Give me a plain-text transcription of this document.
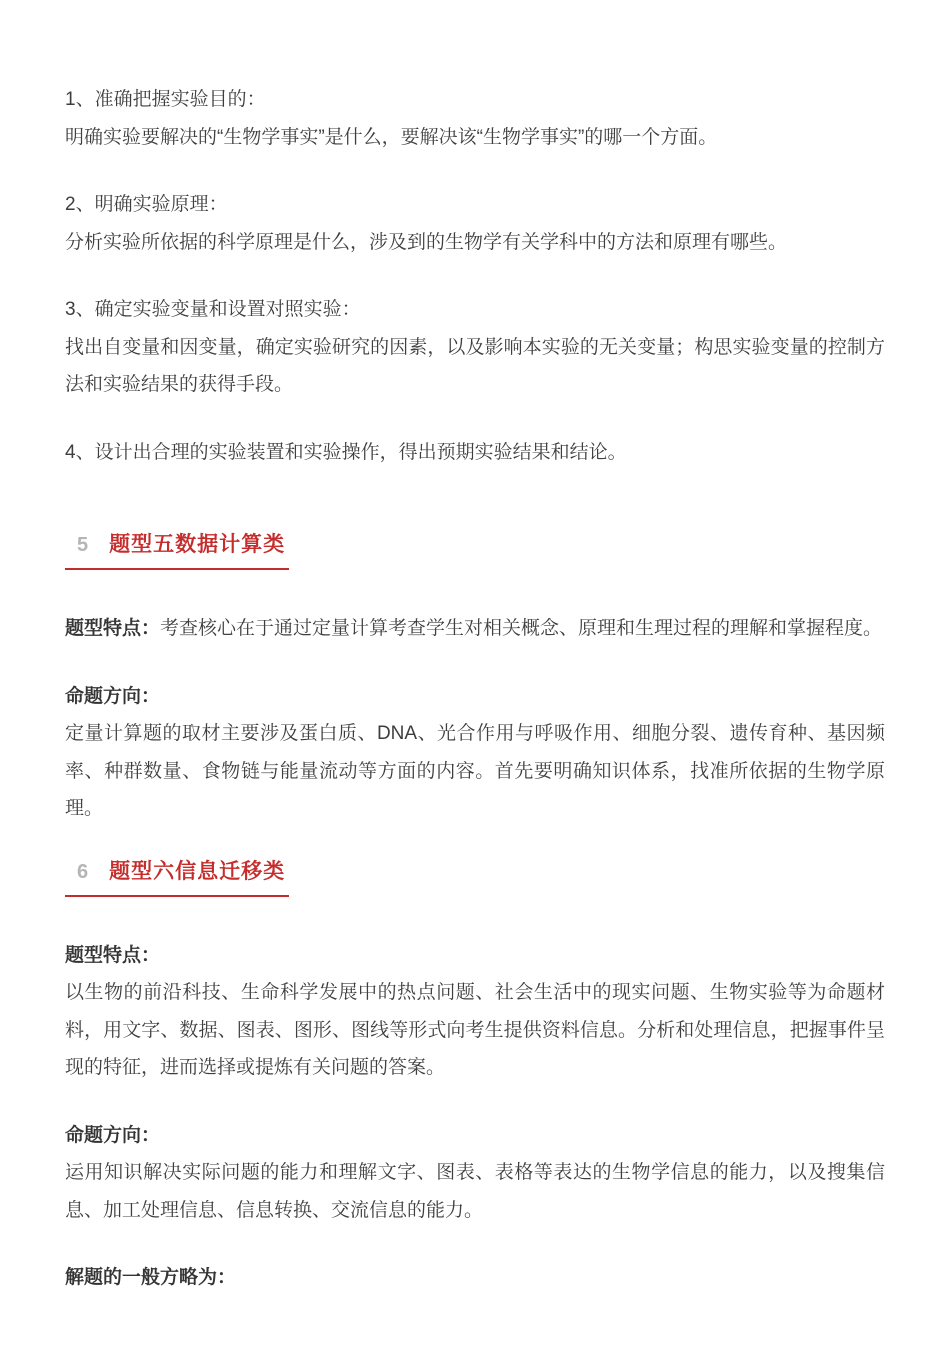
1、准确把握实验目的：
明确实验要解决的“生物学事实”是什么，要解决该“生物学事实”的哪一个方面。
2、明确实验原理：
分析实验所依据的科学原理是什么，涉及到的生物学有关学科中的方法和原理有哪些。
3、确定实验变量和设置对照实验：
找出自变量和因变量，确定实验研究的因素，以及影响本实验的无关变量；构思实验变量的控制方法和实验结果的获得手段。
4、设计出合理的实验装置和实验操作，得出预期实验结果和结论。
5 题型五数据计算类
题型特点：考查核心在于通过定量计算考查学生对相关概念、原理和生理过程的理解和掌握程度。
命题方向：
定量计算题的取材主要涉及蛋白质、DNA、光合作用与呼吸作用、细胞分裂、遗传育种、基因频率、种群数量、食物链与能量流动等方面的内容。首先要明确知识体系，找准所依据的生物学原理。
6 题型六信息迁移类
题型特点：
以生物的前沿科技、生命科学发展中的热点问题、社会生活中的现实问题、生物实验等为命题材料，用文字、数据、图表、图形、图线等形式向考生提供资料信息。分析和处理信息，把握事件呈现的特征，进而选择或提炼有关问题的答案。
命题方向：
运用知识解决实际问题的能力和理解文字、图表、表格等表达的生物学信息的能力，以及搜集信息、加工处理信息、信息转换、交流信息的能力。
解题的一般方略为：
